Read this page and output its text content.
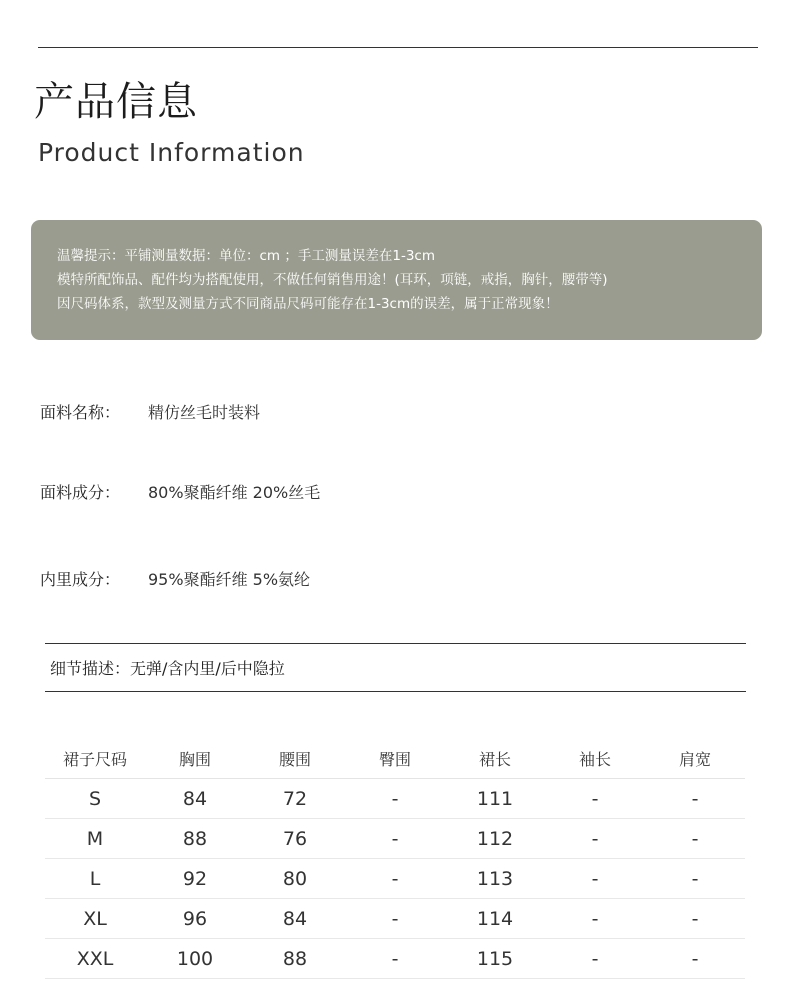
产品信息
Product Information
温馨提示：平铺测量数据：单位：cm ；手工测量误差在1-3cm
模特所配饰品、配件均为搭配使用，不做任何销售用途！(耳环，项链，戒指，胸针，腰带等)
因尺码体系，款型及测量方式不同商品尺码可能存在1-3cm的误差，属于正常现象！
面料名称： 精仿丝毛时装料
面料成分： 80%聚酯纤维 20%丝毛
内里成分： 95%聚酯纤维 5%氨纶
细节描述：无弹/含内里/后中隐拉
裙子尺码	胸围	腰围	臀围	裙长	袖长	肩宽
S	84	72	-	111	-	-
M	88	76	-	112	-	-
L	92	80	-	113	-	-
XL	96	84	-	114	-	-
XXL	100	88	-	115	-	-
